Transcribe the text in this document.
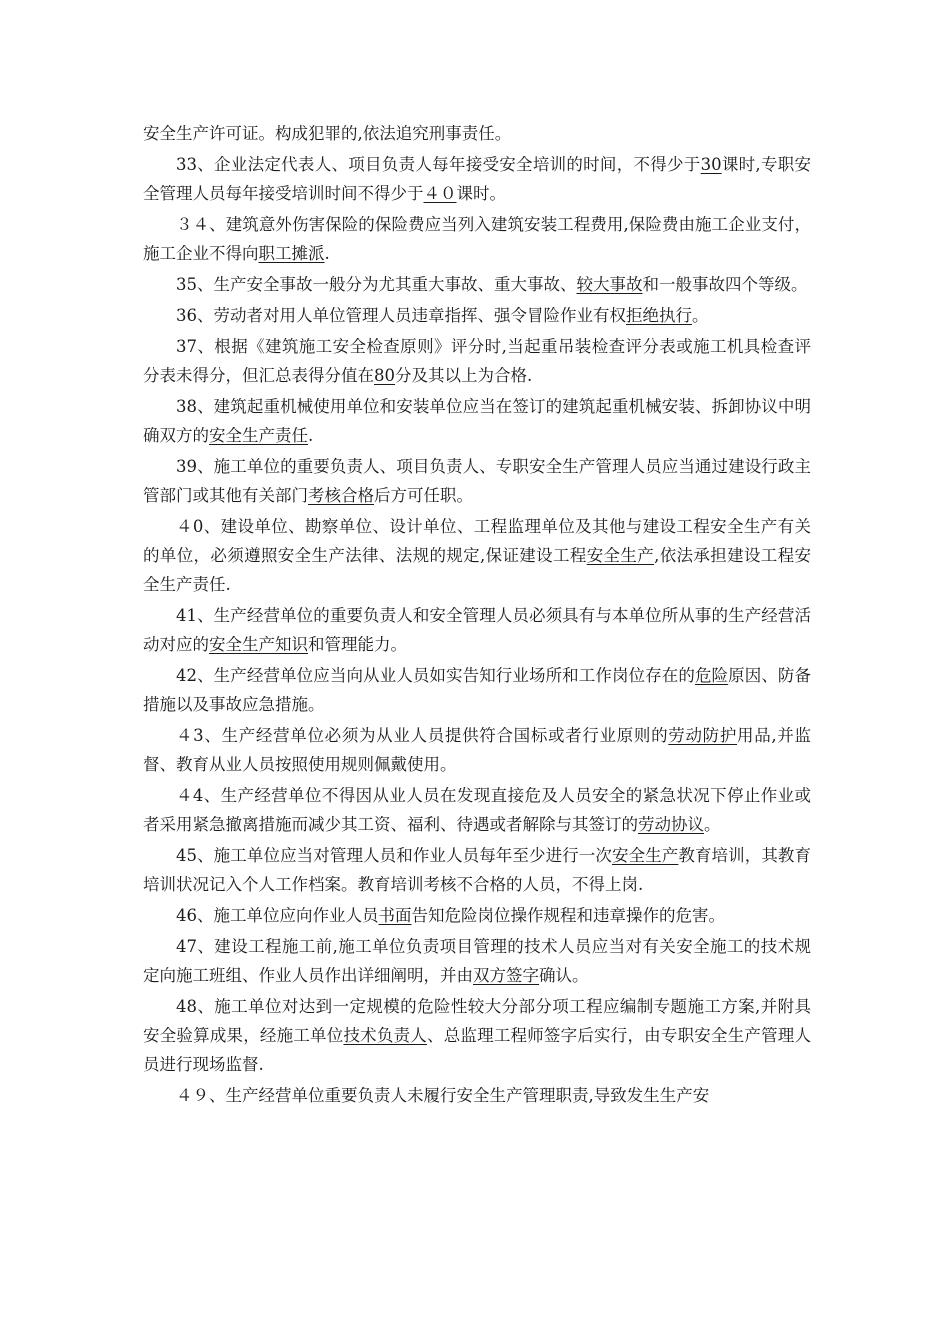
安全生产许可证。构成犯罪的,依法追究刑事责任。

33、企业法定代表人、项目负责人每年接受安全培训的时间，不得少于30课时,专职安全管理人员每年接受培训时间不得少于４０课时。

３４、建筑意外伤害保险的保险费应当列入建筑安装工程费用,保险费由施工企业支付，施工企业不得向职工摊派.

35、生产安全事故一般分为尤其重大事故、重大事故、较大事故和一般事故四个等级。

36、劳动者对用人单位管理人员违章指挥、强令冒险作业有权拒绝执行。

37、根据《建筑施工安全检查原则》评分时,当起重吊装检查评分表或施工机具检查评分表未得分，但汇总表得分值在80分及其以上为合格.

38、建筑起重机械使用单位和安装单位应当在签订的建筑起重机械安装、拆卸协议中明确双方的安全生产责任.

39、施工单位的重要负责人、项目负责人、专职安全生产管理人员应当通过建设行政主管部门或其他有关部门考核合格后方可任职。

４0、建设单位、勘察单位、设计单位、工程监理单位及其他与建设工程安全生产有关的单位，必须遵照安全生产法律、法规的规定,保证建设工程安全生产,依法承担建设工程安全生产责任.

41、生产经营单位的重要负责人和安全管理人员必须具有与本单位所从事的生产经营活动对应的安全生产知识和管理能力。

42、生产经营单位应当向从业人员如实告知行业场所和工作岗位存在的危险原因、防备措施以及事故应急措施。

４3、生产经营单位必须为从业人员提供符合国标或者行业原则的劳动防护用品,并监督、教育从业人员按照使用规则佩戴使用。

４4、生产经营单位不得因从业人员在发现直接危及人员安全的紧急状况下停止作业或者采用紧急撤离措施而减少其工资、福利、待遇或者解除与其签订的劳动协议。

45、施工单位应当对管理人员和作业人员每年至少进行一次安全生产教育培训，其教育培训状况记入个人工作档案。教育培训考核不合格的人员，不得上岗.

46、施工单位应向作业人员书面告知危险岗位操作规程和违章操作的危害。

47、建设工程施工前,施工单位负责项目管理的技术人员应当对有关安全施工的技术规定向施工班组、作业人员作出详细阐明，并由双方签字确认。

48、施工单位对达到一定规模的危险性较大分部分项工程应编制专题施工方案,并附具安全验算成果，经施工单位技术负责人、总监理工程师签字后实行，由专职安全生产管理人员进行现场监督.

４９、生产经营单位重要负责人未履行安全生产管理职责,导致发生生产安
